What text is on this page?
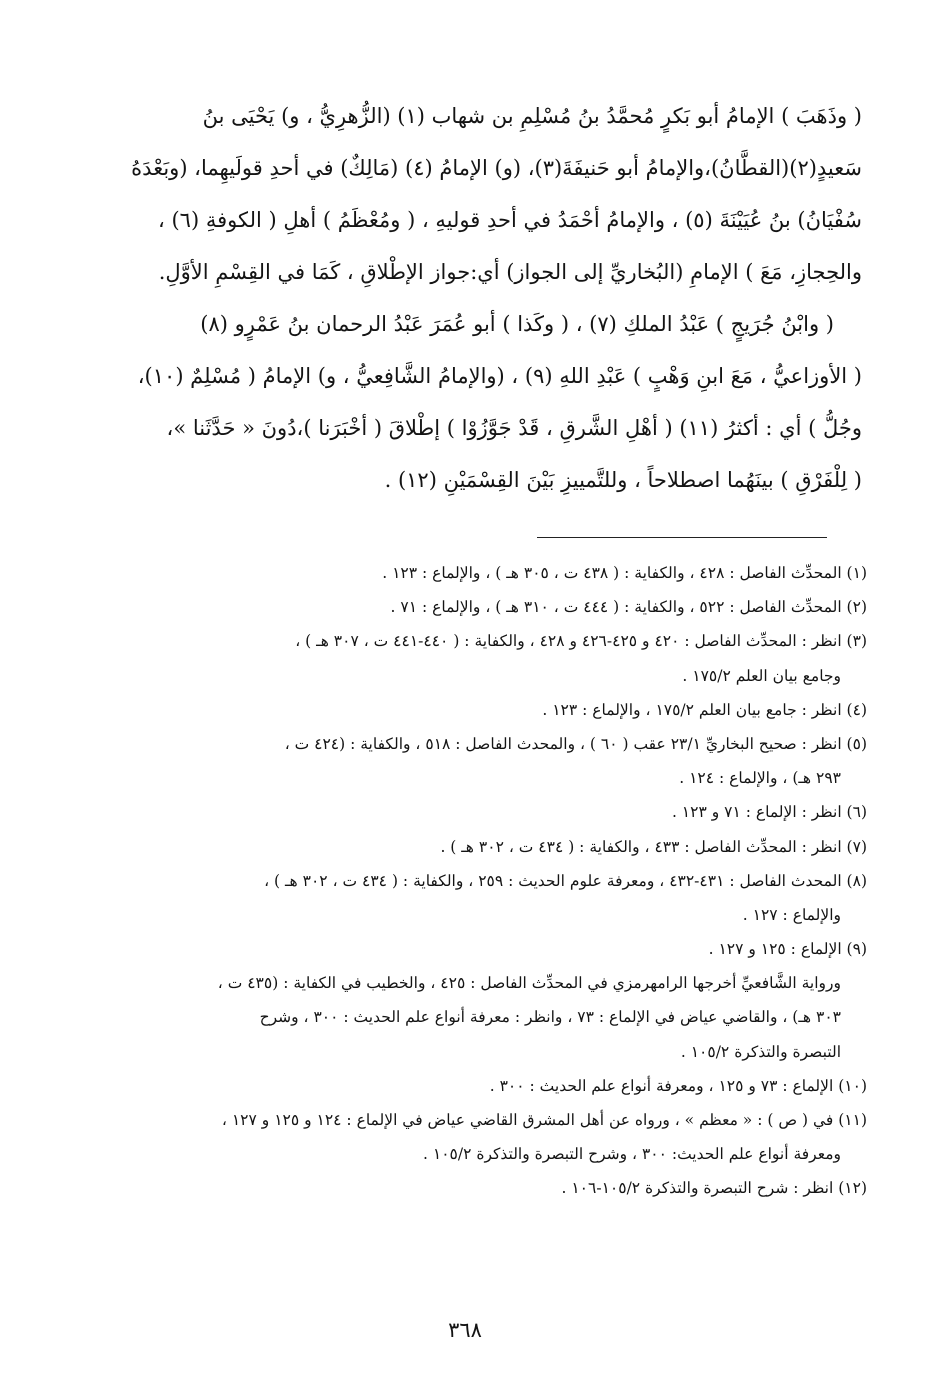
( وذَهَبَ ) الإمامُ أبو بَكرٍ مُحمَّدُ بنُ مُسْلِمِ بن شهاب (١) (الزُّهرِيُّ ، و) يَحْيَى بنُ
سَعيدٍ(٢)(القطَّانُ)،والإمامُ أبو حَنيفَةَ(٣)، (و) الإمامُ (٤) (مَالِكٌ) في أحدِ قولَيهِما، (وبَعْدَهُ
سُفْيَانُ) بنُ عُيَيْنَةَ (٥) ، والإمامُ أحْمَدُ في أحدِ قوليهِ ، ( ومُعْظَمُ ) أهلِ ( الكوفةِ (٦) ،
والحِجازِ، مَعَ ) الإمامِ (البُخاريِّ إلى الجواز) أي:جواز الإطْلاقِ ، كَمَا في القِسْمِ الأوَّلِ.
( وابْنُ جُرَيجٍ ) عَبْدُ الملكِ (٧) ، ( وكَذا ) أبو عُمَرَ عَبْدُ الرحمان بنُ عَمْرٍو (٨)
( الأوزاعيُّ ، مَعَ ابنِ وَهْبٍ ) عَبْدِ اللهِ (٩) ، (والإمامُ الشَّافِعيُّ ، و) الإمامُ ( مُسْلِمٌ (١٠)،
وجُلُّ ) أي : أكثرُ (١١) ( أهْلِ الشَّرقِ ، قَدْ جَوَّزُوْا ) إطْلاقَ ( أخْبَرَنا )،دُونَ « حَدَّثَنا »،
( لِلْفَرْقِ ) بينَهُما اصطلاحاً ، وللتَّمييزِ بَيْنَ القِسْمَيْنِ (١٢) .
(١) المحدِّث الفاصل : ٤٢٨ ، والكفاية : ( ٤٣٨ ت ، ٣٠٥ هـ ) ، والإلماع : ١٢٣ .
(٢) المحدِّث الفاصل : ٥٢٢ ، والكفاية : ( ٤٤٤ ت ، ٣١٠ هـ ) ، والإلماع : ٧١ .
(٣) انظر : المحدِّث الفاصل : ٤٢٠ و ٤٢٥-٤٢٦ و ٤٢٨ ، والكفاية : ( ٤٤٠-٤٤١ ت ، ٣٠٧ هـ ) ،
وجامع بيان العلم ١٧٥/٢ .
(٤) انظر : جامع بيان العلم ١٧٥/٢ ، والإلماع : ١٢٣ .
(٥) انظر : صحيح البخاريِّ ٢٣/١ عقب ( ٦٠ ) ، والمحدث الفاصل : ٥١٨ ، والكفاية : (٤٢٤ ت ،
٢٩٣ هـ) ، والإلماع : ١٢٤ .
(٦) انظر : الإلماع : ٧١ و ١٢٣ .
(٧) انظر : المحدِّث الفاصل : ٤٣٣ ، والكفاية : ( ٤٣٤ ت ، ٣٠٢ هـ ) .
(٨) المحدث الفاصل : ٤٣١-٤٣٢ ، ومعرفة علوم الحديث : ٢٥٩ ، والكفاية : ( ٤٣٤ ت ، ٣٠٢ هـ ) ،
والإلماع : ١٢٧ .
(٩) الإلماع : ١٢٥ و ١٢٧ .
ورواية الشَّافعيِّ أخرجها الرامهرمزي في المحدِّث الفاصل : ٤٢٥ ، والخطيب في الكفاية : (٤٣٥ ت ،
٣٠٣ هـ) ، والقاضي عياض في الإلماع : ٧٣ ، وانظر : معرفة أنواع علم الحديث : ٣٠٠ ، وشرح
التبصرة والتذكرة ١٠٥/٢ .
(١٠) الإلماع : ٧٣ و ١٢٥ ، ومعرفة أنواع علم الحديث : ٣٠٠ .
(١١) في ( ص ) : « معظم » ، ورواه عن أهل المشرق القاضي عياض في الإلماع : ١٢٤ و ١٢٥ و ١٢٧ ،
ومعرفة أنواع علم الحديث: ٣٠٠ ، وشرح التبصرة والتذكرة ١٠٥/٢ .
(١٢) انظر : شرح التبصرة والتذكرة ١٠٥/٢-١٠٦ .
٣٦٨
